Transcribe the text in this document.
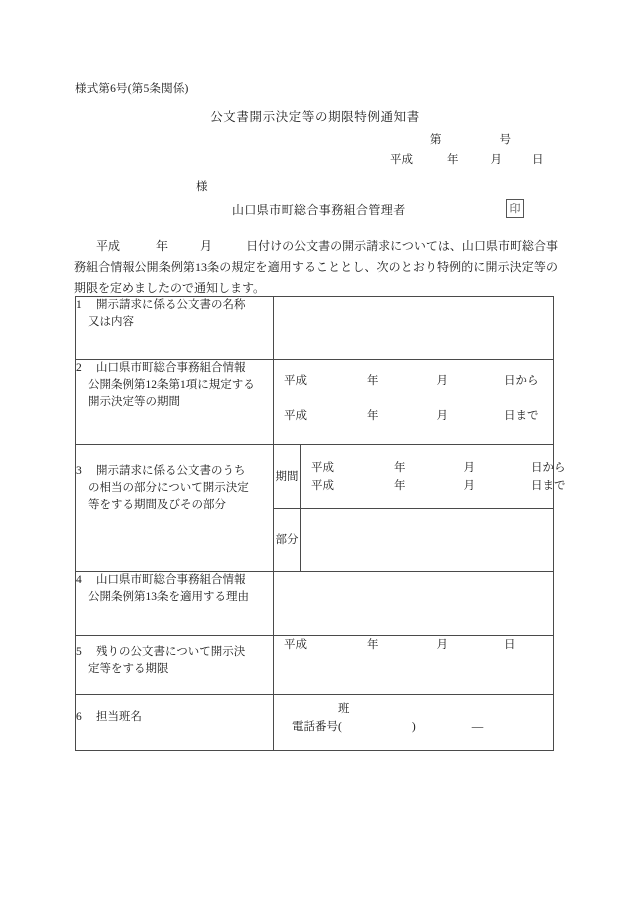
様式第6号(第5条関係)
公文書開示決定等の期限特例通知書
第	号
平成	年	月	日
様
山口県市町総合事務組合管理者	印
平成	年	月	日付けの公文書の開示請求については、山口県市町総合事務組合情報公開条例第13条の規定を適用することとし、次のとおり特例的に開示決定等の期限を定めましたので通知します。
1 開示請求に係る公文書の名称
又は内容

2 山口県市町総合事務組合情報
公開条例第12条第1項に規定する
開示決定等の期間

平成	年	月	日から
平成	年	月	日まで

3 開示請求に係る公文書のうち
の相当の部分について開示決定
等をする期間及びその部分

期間	
平成	年	月	日から
平成	年	月	日まで

部分	

4 山口県市町総合事務組合情報
公開条例第13条を適用する理由

5 残りの公文書について開示決
定等をする期限

平成	年	月	日

6 担当班名

班
電話番号(	)	—
